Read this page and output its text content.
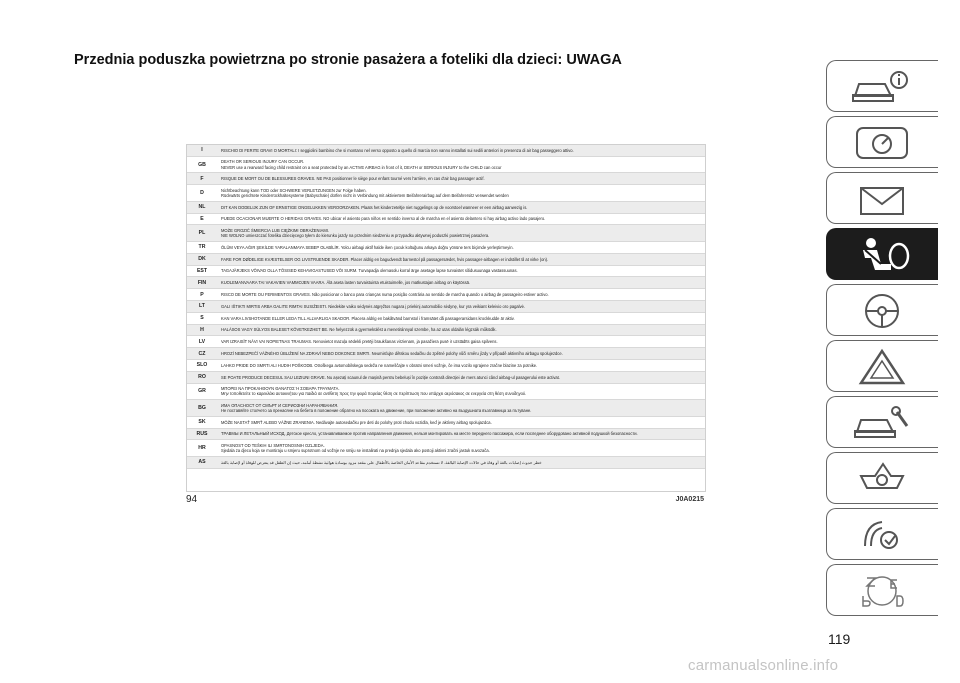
Przednia poduszka powietrzna po stronie pasażera a foteliki dla dzieci: UWAGA
I	RISCHIO DI FERITE GRAVI O MORTALI: I seggiolini bambino che si montano nel verso opposto a quello di marcia non vanno installati sui sedili anteriori in presenza di air bag passeggero attivo.
GB	DEATH OR SERIOUS INJURY CAN OCCUR.
NEVER use a rearward facing child restraint on a seat protected by an ACTIVE AIRBAG in front of it, DEATH or SERIOUS INJURY to the CHILD can occur
F	RISQUE DE MORT OU DE BLESSURES GRAVES. NE PAS positionner le siège pour enfant tourné vers l'arrière, en cas d'air bag passager actif.
D	Nichtbeachtung kann TOD oder SCHWERE VERLETZUNGEN zur Folge haben.
Rückwärts gerichtete Kinderrückhaltesysteme (Babyschale) dürfen nicht in Verbindung mit aktiviertem Beifahrerairbag auf dem Beifahrersitz verwendet werden
NL	DIT KAN DODELIJK ZIJN OF ERNSTIGE ONGELUKKEN VEROORZAKEN. Plaats het kinderzeteltje niet ruggelings op de voorstoel wanneer er een airbag aanwezig is.
E	PUEDE OCACIONAR MUERTE O HERIDAS GRAVES. NO ubicar el asiento para niños en sentido inverso al de marcha en el asiento delantero si hay airbag activo lado pasajero.
PL	MOŻE GROZIĆ ŚMIERCIA LUB CIĘŻKIMI OBRAŻENIAMI.
NIE WOLNO umieszczać fotelika dziecięcego tyłem do kierunku jazdy na przednim siedzeniu w przypadku aktywnej poduszki powietrznej pasażera.
TR	ÖLÜM VEYA AĞIR ŞEKİLDE YARALANMAYA SEBEP OLABİLİR. Yolcu airbagi aktif halde iken çocuk koltuğunu arkaya doğru yönüne ters biçimde yerleştirmeyin.
DK	FARE FOR DØDELIGE KVÆSTELSER OG LIVSTRUENDE SKADER. Placer aldrig en bagudvendt barnestol på passagersædet, hvis passager-airbagen er indstillet til at virke (on).
EST	TAGAJÄRJEKS VÕIVAD OLLA TÕSISED KEHAVIGASTUSED VÕI SURM. Turvapadja olemasolu korral ärge asetage lapse turvaistet sõidusuunaga vastassuunas.
FIN	KUOLEMANVAARA TAI VAKAVIEN VAMMOJEN VAARA. Älä aseta lasten turvaistuinta etuistuimelle, jos matkustajan airbag on käytössä.
P	RISCO DE MORTE OU FERIMENTOS GRAVES. Não posicionar o banco para crianças numa posição contrária ao sentido de marcha quando o airbag de passageiro estiver activo.
LT	GALI IŠTIKTI MIRTIS ARBA GALITE RIMTAI SUSIŽEISTI. Niedekite vaiko sėdynės atgręžtos nugara į priekinį automobilio sėdynę, kur yra veikiant keleivio oro pagalvė.
S	KAN VARA LIVSHOTANDE ELLER LEDA TILL ALLVARLIGA SKADOR. Placera aldrig en bakåtvänd barnstol i framsätet då passagerarsidans krockkudde är aktiv.
H	HALÁSOS VAGY SÚLYOS BALESET KÖVETKEZHET BE. Ne helyezzük a gyermekülést a menetiránnyal szembe, ha az utas oldalán légzsák működik.
LV	VAR IZRAISĪT NĀVI VAI NOPIETNAS TRAUMAS. Nenovietot mazuļa sēdekli pretēji braukšanas virzienam, ja pasažiera pusē ir uzstādīts gaisa spilvens.
CZ	HROZÍ NEBEZPEČÍ VÁŽNÉHO ÚBLIŽENÍ NA ZDRAVÍ NEBO DOKONCE SMRTI. Neumisťujte dětskou sedačku do zpětné polohy vůči směru jízdy v případě aktivního airbagu spolujezdce.
SLO	LAHKO PRIDE DO SMRTI ALI HUDIH POŠKODB. Otroškega avtomobilskega sedeža ne nameščajte v obratni smeri vožnje, če ima vozilo vgrajene zračne blazine za potnike.
RO	SE POATE PRODUCE DECESUL SAU LEZIUNI GRAVE. Nu așezați scaunul de mașină pentru bebeluși în poziție contrară direcției de mers atunci când airbag-ul pasagerului este activat.
GR	ΜΠΟΡΕΙ ΝΑ ΠΡΟΚΛΗΘΟΥΝ ΘΑΝΑΤΟΣ Ή ΣΟΒΑΡΑ ΤΡΑΥΜΑΤΑ.
Μην τοποθετείτε το καρεκλάκι αυτοκινήτου για παιδιά σε αντίθετη προς την φορά πορείας θέση σε περίπτωση που υπάρχει αερόσακος σε ενεργεία στη θέση συνοδηγού.
BG	ИМА ОПАСНОСТ ОТ СМЪРТ И СЕРИОЗНИ НАРАНЯВАНИЯ.
Не поставяйте столчето за пренасяне на бебета в положение обратно на посоката на движение, при положение активно на въздушната възглавница за пътуване.
SK	MÔŽE NASTAŤ SMRŤ ALEBO VÁŽNE ZRANENIA. Nedávajte autosedačku pre deti do polohy proti chodu vozidla, keď je aktívny airbag spolujazdca.
RUS	ТРАВМЫ И ЛЕТАЛЬНЫЙ ИСХОД. Детское кресло, устанавливаемое против направления движения, нельзя монтировать на месте переднего пассажира, если последнее оборудовано активной подушкой безопасности.
HR	OPASNOST OD TEŠKIH ILI SMRTONOSNIH OZLJEDA.
Sjedala za djecu koja se montiraju u smjeru suprotnom od vožnje ne smiju se instalirati na prednja sjedala ako postoji aktivni zračni jastuk suvozača.
AS	خطر حدوث إصابات بالغة أو وفاة في حالات الإصابة البالغة. لا تستخدم مقاعد الأمان الخاصة بالأطفال على مقعد مزود بوسادة هوائية نشطة أمامه، حيث إن الطفل قد يتعرض للوفاة أو لإصابة بالغة
94	J0A0215
119
carmanualsonline.info
